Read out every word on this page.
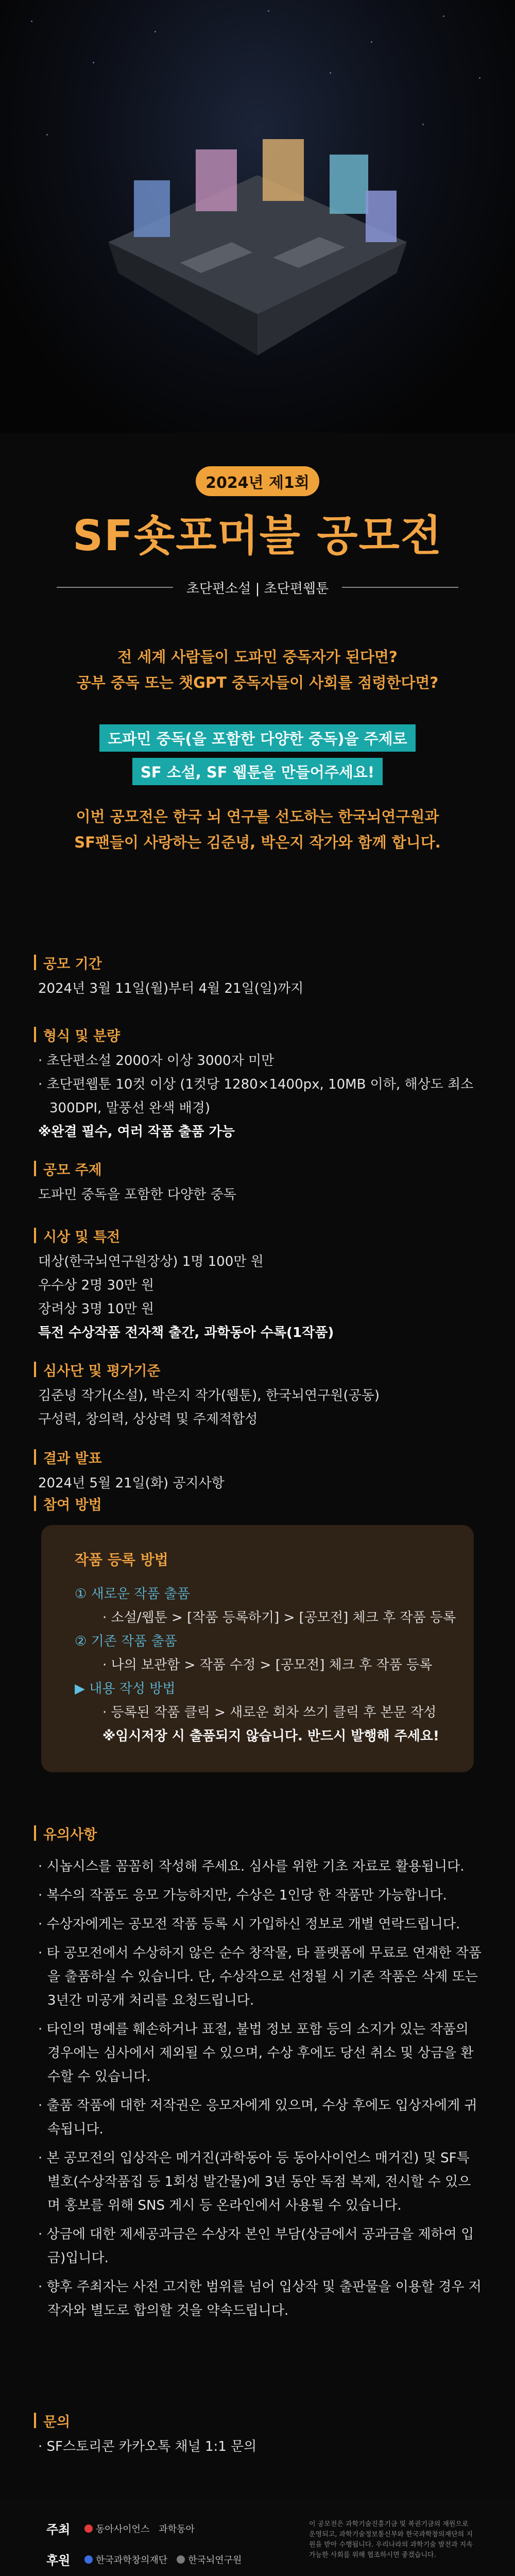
2024년 제1회
SF숏포머블 공모전
초단편소설 | 초단편웹툰
전 세계 사람들이 도파민 중독자가 된다면?
공부 중독 또는 챗GPT 중독자들이 사회를 점령한다면?
도파민 중독(을 포함한 다양한 중독)을 주제로
SF 소설, SF 웹툰을 만들어주세요!
이번 공모전은 한국 뇌 연구를 선도하는 한국뇌연구원과
SF팬들이 사랑하는 김준녕, 박은지 작가와 함께 합니다.
공모 기간
2024년 3월 11일(월)부터 4월 21일(일)까지
형식 및 분량
· 초단편소설 2000자 이상 3000자 미만
· 초단편웹툰 10컷 이상 (1컷당 1280×1400px, 10MB 이하, 해상도 최소
300DPI, 말풍선 완색 배경)
※완결 필수, 여러 작품 출품 가능
공모 주제
도파민 중독을 포함한 다양한 중독
시상 및 특전
대상(한국뇌연구원장상) 1명 100만 원
우수상 2명 30만 원
장려상 3명 10만 원
특전 수상작품 전자책 출간, 과학동아 수록(1작품)
심사단 및 평가기준
김준녕 작가(소설), 박은지 작가(웹툰), 한국뇌연구원(공동)
구성력, 창의력, 상상력 및 주제적합성
결과 발표
2024년 5월 21일(화) 공지사항
참여 방법
작품 등록 방법
① 새로운 작품 출품
· 소설/웹툰 > [작품 등록하기] > [공모전] 체크 후 작품 등록
② 기존 작품 출품
· 나의 보관함 > 작품 수정 > [공모전] 체크 후 작품 등록
▶ 내용 작성 방법
· 등록된 작품 클릭 > 새로운 회차 쓰기 클릭 후 본문 작성
※임시저장 시 출품되지 않습니다. 반드시 발행해 주세요!
유의사항
· 시놉시스를 꼼꼼히 작성해 주세요. 심사를 위한 기초 자료로 활용됩니다.
· 복수의 작품도 응모 가능하지만, 수상은 1인당 한 작품만 가능합니다.
· 수상자에게는 공모전 작품 등록 시 가입하신 정보로 개별 연락드립니다.
· 타 공모전에서 수상하지 않은 순수 창작물, 타 플랫폼에 무료로 연재한 작품을 출품하실 수 있습니다. 단, 수상작으로 선정될 시 기존 작품은 삭제 또는 3년간 미공개 처리를 요청드립니다.
· 타인의 명예를 훼손하거나 표절, 불법 정보 포함 등의 소지가 있는 작품의 경우에는 심사에서 제외될 수 있으며, 수상 후에도 당선 취소 및 상금을 환수할 수 있습니다.
· 출품 작품에 대한 저작권은 응모자에게 있으며, 수상 후에도 입상자에게 귀속됩니다.
· 본 공모전의 입상작은 메거진(과학동아 등 동아사이언스 매거진) 및 SF특별호(수상작품집 등 1회성 발간물)에 3년 동안 독점 복제, 전시할 수 있으며 홍보를 위해 SNS 게시 등 온라인에서 사용될 수 있습니다.
· 상금에 대한 제세공과금은 수상자 본인 부담(상금에서 공과금을 제하여 입금)입니다.
· 향후 주최자는 사전 고지한 범위를 넘어 입상작 및 출판물을 이용할 경우 저작자와 별도로 합의할 것을 약속드립니다.
문의
· SF스토리콘 카카오톡 채널 1:1 문의
주최	동아사이언스 과학동아
후원	한국과학창의재단 한국뇌연구원
이 공모전은 과학기술진흥기금 및 복권기금의 재원으로 운영되고, 과학기술정보통신부와 한국과학창의재단의 지원을 받아 수행됩니다. 우리나라의 과학기술 발전과 지속가능한 사회를 위해 협조하시면 좋겠습니다.
